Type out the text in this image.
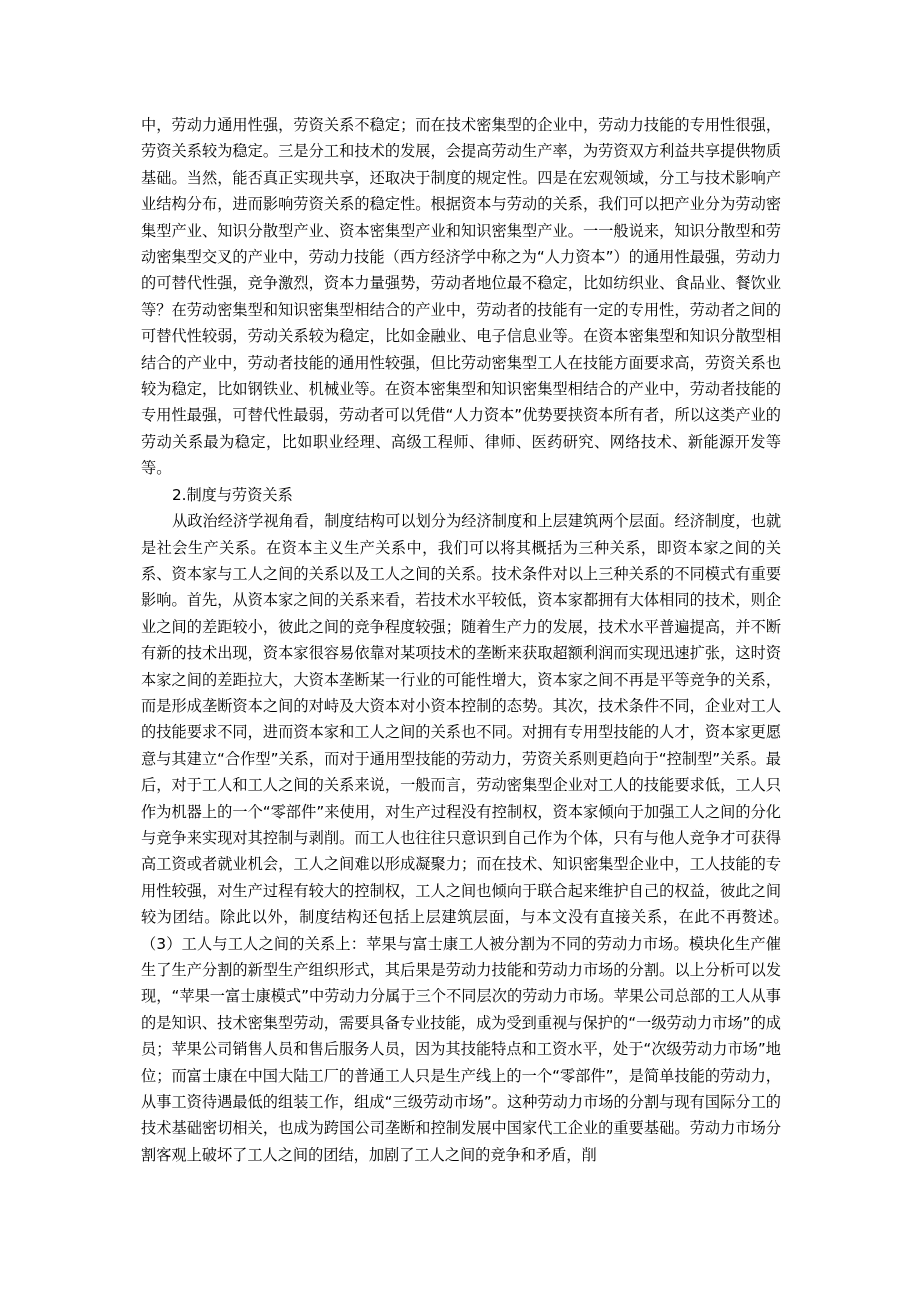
中，劳动力通用性强，劳资关系不稳定；而在技术密集型的企业中，劳动力技能的专用性很强，劳资关系较为稳定。三是分工和技术的发展，会提高劳动生产率，为劳资双方利益共享提供物质基础。当然，能否真正实现共享，还取决于制度的规定性。四是在宏观领域，分工与技术影响产业结构分布，进而影响劳资关系的稳定性。根据资本与劳动的关系，我们可以把产业分为劳动密集型产业、知识分散型产业、资本密集型产业和知识密集型产业。一一般说来，知识分散型和劳动密集型交叉的产业中，劳动力技能（西方经济学中称之为“人力资本”）的通用性最强，劳动力的可替代性强，竞争激烈，资本力量强势，劳动者地位最不稳定，比如纺织业、食品业、餐饮业等？在劳动密集型和知识密集型相结合的产业中，劳动者的技能有一定的专用性，劳动者之间的可替代性较弱，劳动关系较为稳定，比如金融业、电子信息业等。在资本密集型和知识分散型相结合的产业中，劳动者技能的通用性较强，但比劳动密集型工人在技能方面要求高，劳资关系也较为稳定，比如钢铁业、机械业等。在资本密集型和知识密集型相结合的产业中，劳动者技能的专用性最强，可替代性最弱，劳动者可以凭借“人力资本”优势要挟资本所有者，所以这类产业的劳动关系最为稳定，比如职业经理、高级工程师、律师、医药研究、网络技术、新能源开发等等。

2.制度与劳资关系

从政治经济学视角看，制度结构可以划分为经济制度和上层建筑两个层面。经济制度，也就是社会生产关系。在资本主义生产关系中，我们可以将其概括为三种关系，即资本家之间的关系、资本家与工人之间的关系以及工人之间的关系。技术条件对以上三种关系的不同模式有重要影响。首先，从资本家之间的关系来看，若技术水平较低，资本家都拥有大体相同的技术，则企业之间的差距较小，彼此之间的竞争程度较强；随着生产力的发展，技术水平普遍提高，并不断有新的技术出现，资本家很容易依靠对某项技术的垄断来获取超额利润而实现迅速扩张，这时资本家之间的差距拉大，大资本垄断某一行业的可能性增大，资本家之间不再是平等竞争的关系，而是形成垄断资本之间的对峙及大资本对小资本控制的态势。其次，技术条件不同，企业对工人的技能要求不同，进而资本家和工人之间的关系也不同。对拥有专用型技能的人才，资本家更愿意与其建立“合作型”关系，而对于通用型技能的劳动力，劳资关系则更趋向于“控制型”关系。最后，对于工人和工人之间的关系来说，一般而言，劳动密集型企业对工人的技能要求低，工人只作为机器上的一个“零部件”来使用，对生产过程没有控制权，资本家倾向于加强工人之间的分化与竞争来实现对其控制与剥削。而工人也往往只意识到自己作为个体，只有与他人竞争才可获得高工资或者就业机会，工人之间难以形成凝聚力；而在技术、知识密集型企业中，工人技能的专用性较强，对生产过程有较大的控制权，工人之间也倾向于联合起来维护自己的权益，彼此之间较为团结。除此以外，制度结构还包括上层建筑层面，与本文没有直接关系，在此不再赘述。　　　　（3）工人与工人之间的关系上：苹果与富士康工人被分割为不同的劳动力市场。模块化生产催生了生产分割的新型生产组织形式，其后果是劳动力技能和劳动力市场的分割。以上分析可以发现，“苹果一富士康模式”中劳动力分属于三个不同层次的劳动力市场。苹果公司总部的工人从事的是知识、技术密集型劳动，需要具备专业技能，成为受到重视与保护的“一级劳动力市场”的成员；苹果公司销售人员和售后服务人员，因为其技能特点和工资水平，处于“次级劳动力市场”地位；而富士康在中国大陆工厂的普通工人只是生产线上的一个“零部件”，是简单技能的劳动力，从事工资待遇最低的组装工作，组成“三级劳动市场”。这种劳动力市场的分割与现有国际分工的技术基础密切相关，也成为跨国公司垄断和控制发展中国家代工企业的重要基础。劳动力市场分割客观上破坏了工人之间的团结，加剧了工人之间的竞争和矛盾，削
